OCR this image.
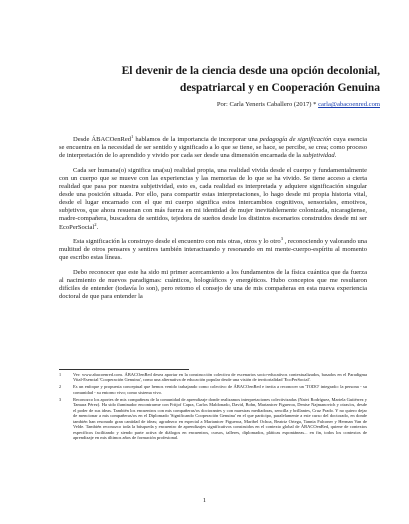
El devenir de la ciencia desde una opción decolonial,
despatriarcal y en Cooperación Genuina
Por: Carla Yeneris Caballero (2017) * carla@abacoenred.com

Desde ÁBACOenRed$^1$ hablamos de la importancia de incorporar una pedagogía de significación cuya esencia se encuentra en la necesidad de ser sentido y significado a lo que se tiene, se hace, se percibe, se crea; como proceso de interpretación de lo aprendido y vivido por cada ser desde una dimensión encarnada de la subjetividad.

Cada ser humana(o) significa una(su) realidad propia, una realidad vivida desde el cuerpo y fundamentalmente con un cuerpo que se mueve con las experiencias y las memorias de lo que se ha vivido. Se tiene acceso a cierta realidad que pasa por nuestra subjetividad, esto es, cada realidad es interpretada y adquiere significación singular desde una posición situada. Por ello, para compartir estas interpretaciones, lo hago desde mi propia historia vital, desde el lugar encarnado con el que mi cuerpo significa estos intercambios cognitivos, sensoriales, emotivos, subjetivos, que ahora resuenan con más fuerza en mi identidad de mujer inevitablemente colonizada, nicaragüense, madre-compañera, buscadora de sentidos, tejedora de sueños desde los distintos escenarios construidos desde mi ser EcoPerSocial$^2$.

Esta significación la construyo desde el encuentro con mis otras, otros y lo otro$^3$ , reconociendo y valorando una multitud de otros pensares y sentires también interactuando y resonando en mi mente-cuerpo-espíritu al momento que escribo estas líneas.

Debo reconocer que este ha sido mi primer acercamiento a los fundamentos de la física cuántica que da fuerza al nacimiento de nuevos paradigmas: cuánticos, holográficos y energéticos. Hubo conceptos que me resultaron difíciles de entender (todavía lo son), pero retomo el consejo de una de mis compañeras en esta nueva experiencia doctoral de que para entender la

1	Ver: www.abacoenred.com. ÁBACOenRed desea aportar en la construcción colectiva de escenarios socio-educativos contextualizados, basados en el Paradigma Vital-Esencial 'Cooperación Genuina', como una alternativa de educación popular desde una visión de territorialidad 'EcoPerSocial'.
2	Es un enfoque y propuesta conceptual que hemos venido trabajando como colectivo de ÁBACOenRed e invita a reconocer un 'TODO' integrado: la persona - su comunidad - su entorno vivo; como sistema vivo.
3	Reconozco los aportes de mis compañeras de la comunidad de aprendizaje donde realizamos interpretaciones colectivizadas (Naivi Rodríguez, Mariela Gutiérrez y Tamara Pérez). Ha sido iluminador encontrarme con Fritjof Capra, Carlos Maldonado, David, Bohn, Marianicer Figueroa, Denise Najmanovich y otras/os, desde el poder de sus ideas. También los encuentros con mis compañeras/os doctorantes y con maestras mediadoras, sencilla y brillantes, Cruz Prado. Y no quiero dejar de mencionar a mis compañeras/os en el Diplomado 'Significando Cooperación Genuina' en el que participo, paralelamente a este curso del doctorado, en donde también han resonado gran cantidad de ideas; agradezco en especial a Marianicer Figueroa, Maribel Ochoa, Beatriz Ortega, Tannia Falconer y Herman Van de Velde. También reconozco toda la búsqueda y encuentro de aprendizajes significativos construidos en el contexto global de ÁBACOenRed, quiene de contextos específicos facilitando y siendo parte activa de diálogos en encuentros, cursos, talleres, diplomados, pláticas espontáneas... en fin, todos los contextos de aprendizaje en mis últimos años de formación profesional.
1
